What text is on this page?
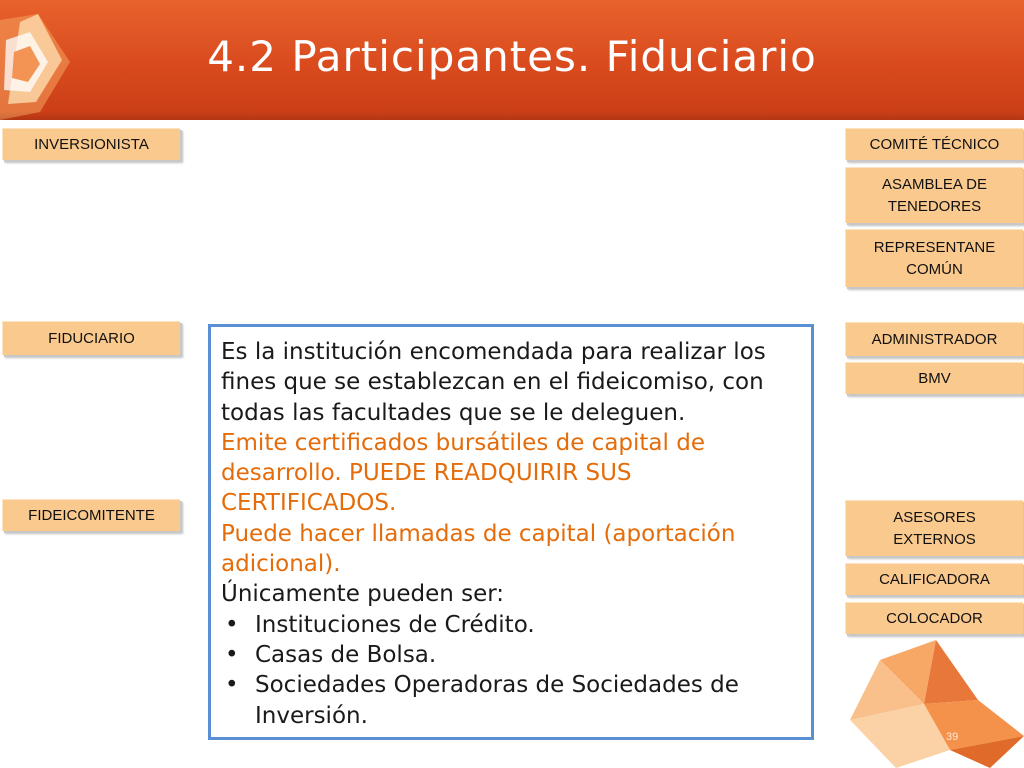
4.2 Participantes. Fiduciario
INVERSIONISTA
FIDUCIARIO
FIDEICOMITENTE
COMITÉ TÉCNICO
ASAMBLEA DE TENEDORES
REPRESENTANE COMÚN
ADMINISTRADOR
BMV
ASESORES EXTERNOS
CALIFICADORA
COLOCADOR

Es la institución encomendada para realizar los fines que se establezcan en el fideicomiso, con todas las facultades que se le deleguen.

Emite certificados bursátiles de capital de desarrollo. PUEDE READQUIRIR SUS CERTIFICADOS.

Puede hacer llamadas de capital (aportación adicional).

Únicamente pueden ser:

• Instituciones de Crédito.
• Casas de Bolsa.
• Sociedades Operadoras de Sociedades de Inversión.
39
